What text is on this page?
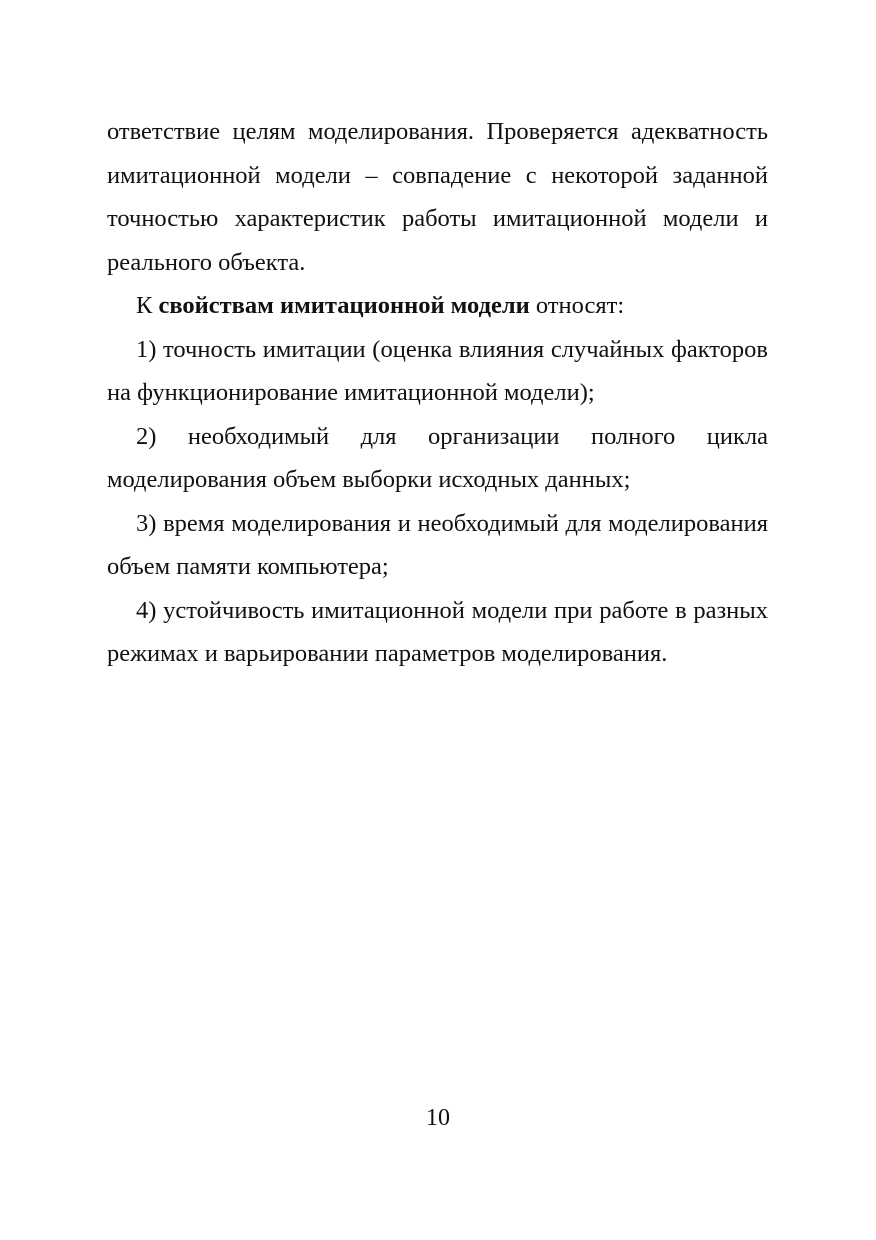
ответствие целям моделирования. Проверяется адекватность имитационной модели – совпадение с некоторой заданной точностью характеристик работы имитационной модели и реального объекта.

К свойствам имитационной модели относят:

1) точность имитации (оценка влияния случайных факторов на функционирование имитационной модели);

2) необходимый для организации полного цикла моделирования объем выборки исходных данных;

3) время моделирования и необходимый для моделирования объем памяти компьютера;

4) устойчивость имитационной модели при работе в разных режимах и варьировании параметров моделирования.

10
